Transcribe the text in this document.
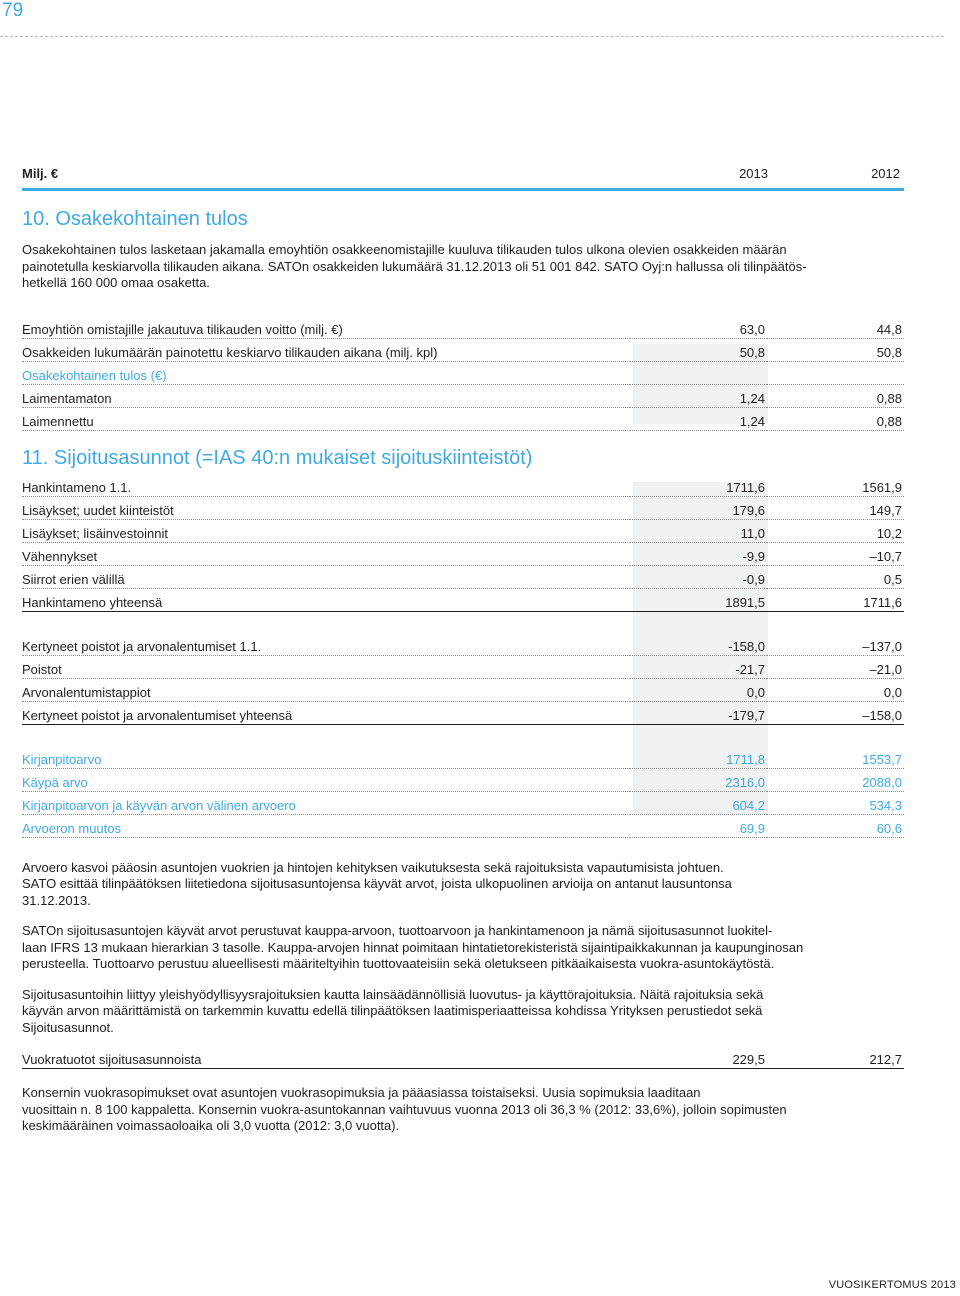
79
Milj. €	2013	2012
10. Osakekohtainen tulos

Osakekohtainen tulos lasketaan jakamalla emoyhtiön osakkeenomistajille kuuluva tilikauden tulos ulkona olevien osakkeiden määrän

painotetulla keskiarvolla tilikauden aikana. SATOn osakkeiden lukumäärä 31.12.2013 oli 51 001 842. SATO Oyj:n hallussa oli tilinpäätös-

hetkellä 160 000 omaa osaketta.

Emoyhtiön omistajille jakautuva tilikauden voitto (milj. €)	63,0	44,8
Osakkeiden lukumäärän painotettu keskiarvo tilikauden aikana (milj. kpl)	50,8	50,8
Osakekohtainen tulos (€)		
Laimentamaton	1,24	0,88
Laimennettu	1,24	0,88
11. Sijoitusasunnot (=IAS 40:n mukaiset sijoituskiinteistöt)
Hankintameno 1.1.	1711,6	1561,9
Lisäykset; uudet kiinteistöt	179,6	149,7
Lisäykset; lisäinvestoinnit	11,0	10,2
Vähennykset	-9,9	–10,7
Siirrot erien välillä	-0,9	0,5
Hankintameno yhteensä	1891,5	1711,6

Kertyneet poistot ja arvonalentumiset 1.1.	-158,0	–137,0
Poistot	-21,7	–21,0
Arvonalentumistappiot	0,0	0,0
Kertyneet poistot ja arvonalentumiset yhteensä	-179,7	–158,0

Kirjanpitoarvo	1711,8	1553,7
Käypä arvo	2316,0	2088,0
Kirjanpitoarvon ja käyvän arvon välinen arvoero	604,2	534,3
Arvoeron muutos	69,9	60,6

Arvoero kasvoi pääosin asuntojen vuokrien ja hintojen kehityksen vaikutuksesta sekä rajoituksista vapautumisista johtuen.

SATO esittää tilinpäätöksen liitetiedona sijoitusasuntojensa käyvät arvot, joista ulkopuolinen arvioija on antanut lausuntonsa

31.12.2013.

SATOn sijoitusasuntojen käyvät arvot perustuvat kauppa-arvoon, tuottoarvoon ja hankintamenoon ja nämä sijoitusasunnot luokitel-

laan IFRS 13 mukaan hierarkian 3 tasolle. Kauppa-arvojen hinnat poimitaan hintatietorekisteristä sijaintipaikkakunnan ja kaupunginosan

perusteella. Tuottoarvo perustuu alueellisesti määriteltyihin tuottovaateisiin sekä oletukseen pitkäaikaisesta vuokra-asuntokäytöstä.

Sijoitusasuntoihin liittyy yleishyödyllisyysrajoituksien kautta lainsäädännöllisiä luovutus- ja käyttörajoituksia. Näitä rajoituksia sekä

käyvän arvon määrittämistä on tarkemmin kuvattu edellä tilinpäätöksen laatimisperiaatteissa kohdissa Yrityksen perustiedot sekä

Sijoitusasunnot.

Vuokratuotot sijoitusasunnoista	229,5	212,7

Konsernin vuokrasopimukset ovat asuntojen vuokrasopimuksia ja pääasiassa toistaiseksi. Uusia sopimuksia laaditaan

vuosittain n. 8 100 kappaletta. Konsernin vuokra-asuntokannan vaihtuvuus vuonna 2013 oli 36,3 % (2012: 33,6%), jolloin sopimusten

keskimääräinen voimassaoloaika oli 3,0 vuotta (2012: 3,0 vuotta).

VUOSIKERTOMUS 2013
